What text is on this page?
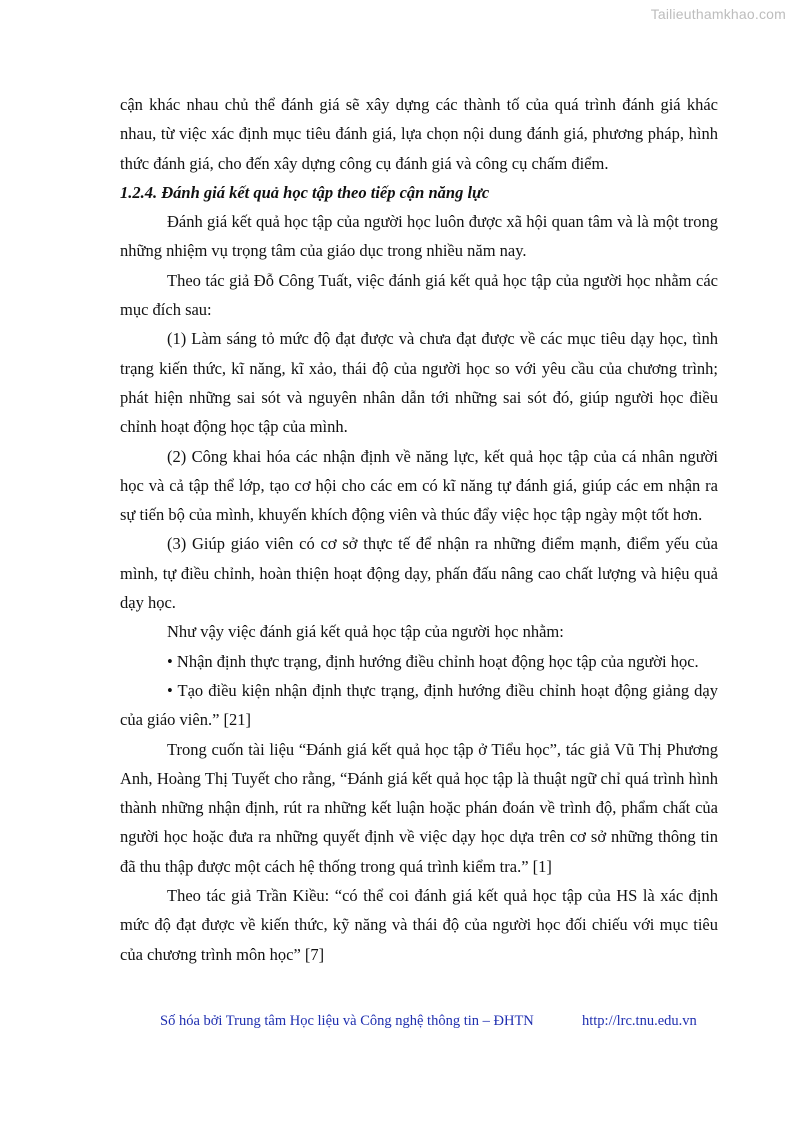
Tailieuthamkhao.com

cận khác nhau chủ thể đánh giá sẽ xây dựng các thành tố của quá trình đánh giá khác nhau, từ việc xác định mục tiêu đánh giá, lựa chọn nội dung đánh giá, phương pháp, hình thức đánh giá, cho đến xây dựng công cụ đánh giá và công cụ chấm điểm.

1.2.4. Đánh giá kết quả học tập theo tiếp cận năng lực

Đánh giá kết quả học tập của người học luôn được xã hội quan tâm và là một trong những nhiệm vụ trọng tâm của giáo dục trong nhiều năm nay.

Theo tác giả Đỗ Công Tuất, việc đánh giá kết quả học tập của người học nhằm các mục đích sau:

(1) Làm sáng tỏ mức độ đạt được và chưa đạt được về các mục tiêu dạy học, tình trạng kiến thức, kĩ năng, kĩ xảo, thái độ của người học so với yêu cầu của chương trình; phát hiện những sai sót và nguyên nhân dẫn tới những sai sót đó, giúp người học điều chỉnh hoạt động học tập của mình.

(2) Công khai hóa các nhận định về năng lực, kết quả học tập của cá nhân người học và cả tập thể lớp, tạo cơ hội cho các em có kĩ năng tự đánh giá, giúp các em nhận ra sự tiến bộ của mình, khuyến khích động viên và thúc đẩy việc học tập ngày một tốt hơn.

(3) Giúp giáo viên có cơ sở thực tế để nhận ra những điểm mạnh, điểm yếu của mình, tự điều chỉnh, hoàn thiện hoạt động dạy, phấn đấu nâng cao chất lượng và hiệu quả dạy học.

Như vậy việc đánh giá kết quả học tập của người học nhằm:

• Nhận định thực trạng, định hướng điều chỉnh hoạt động học tập của người học.

• Tạo điều kiện nhận định thực trạng, định hướng điều chỉnh hoạt động giảng dạy của giáo viên.” [21]

Trong cuốn tài liệu “Đánh giá kết quả học tập ở Tiểu học”, tác giả Vũ Thị Phương Anh, Hoàng Thị Tuyết cho rằng, “Đánh giá kết quả học tập là thuật ngữ chỉ quá trình hình thành những nhận định, rút ra những kết luận hoặc phán đoán về trình độ, phẩm chất của người học hoặc đưa ra những quyết định về việc dạy học dựa trên cơ sở những thông tin đã thu thập được một cách hệ thống trong quá trình kiểm tra.” [1]

Theo tác giả Trần Kiều: “có thể coi đánh giá kết quả học tập của HS là xác định mức độ đạt được về kiến thức, kỹ năng và thái độ của người học đối chiếu với mục tiêu của chương trình môn học” [7]

Số hóa bởi Trung tâm Học liệu và Công nghệ thông tin – ĐHTN	http://lrc.tnu.edu.vn
